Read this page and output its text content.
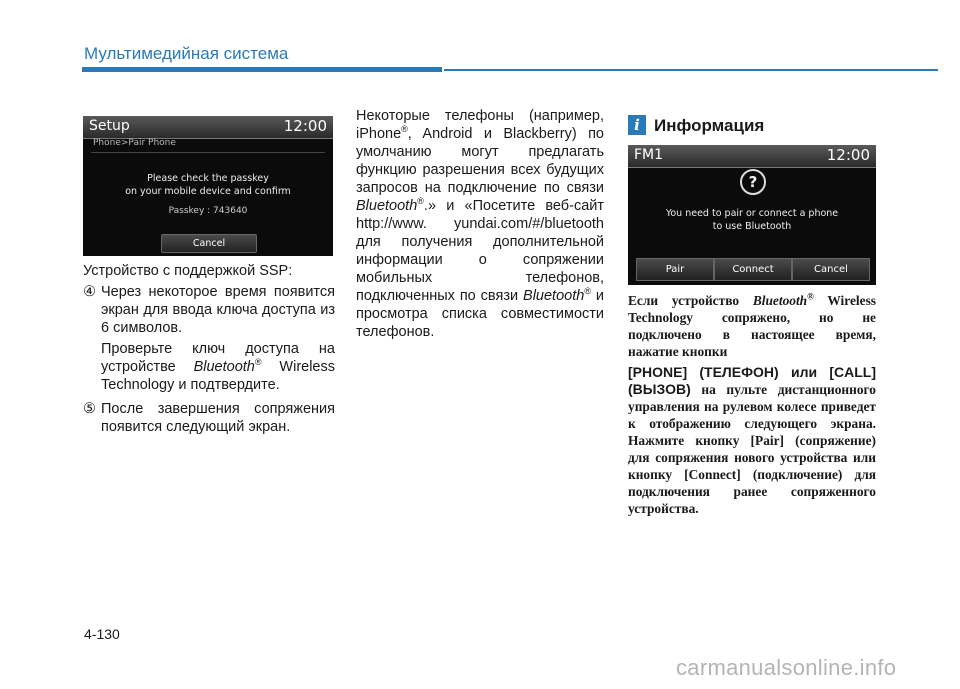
Мультимедийная система
Setup	12:00
Phone>Pair Phone
Please check the passkey
on your mobile device and confirm
Passkey : 743640
Cancel

Устройство с поддержкой SSP:

④ Через некоторое время появится экран для ввода ключа доступа из 6 символов.

Проверьте ключ доступа на устройстве Bluetooth® Wireless Technology и подтвердите.

⑤ После завершения сопряжения появится следующий экран.

Некоторые телефоны (например, iPhone®, Android и Blackberry) по умолчанию могут предлагать функцию разрешения всех будущих запросов на подключение по связи Bluetooth®.» и «Посетите веб-сайт http://www. yundai.com/#/bluetooth для получения дополнительной информации о сопряжении мобильных телефонов, подключенных по связи Bluetooth® и просмотра списка совместимости телефонов.
i Информация
FM1	12:00
?
You need to pair or connect a phone
to use Bluetooth
Pair	Connect	Cancel

Если устройство Bluetooth® Wireless Technology сопряжено, но не подключено в настоящее время, нажатие кнопки

[PHONE] (ТЕЛЕФОН) или [CALL] (ВЫЗОВ) на пульте дистанционного управления на рулевом колесе приведет к отображению следующего экрана. Нажмите кнопку [Pair] (сопряжение) для сопряжения нового устройства или кнопку [Connect] (подключение) для подключения ранее сопряженного устройства.

4-130
carmanualsonline.info
